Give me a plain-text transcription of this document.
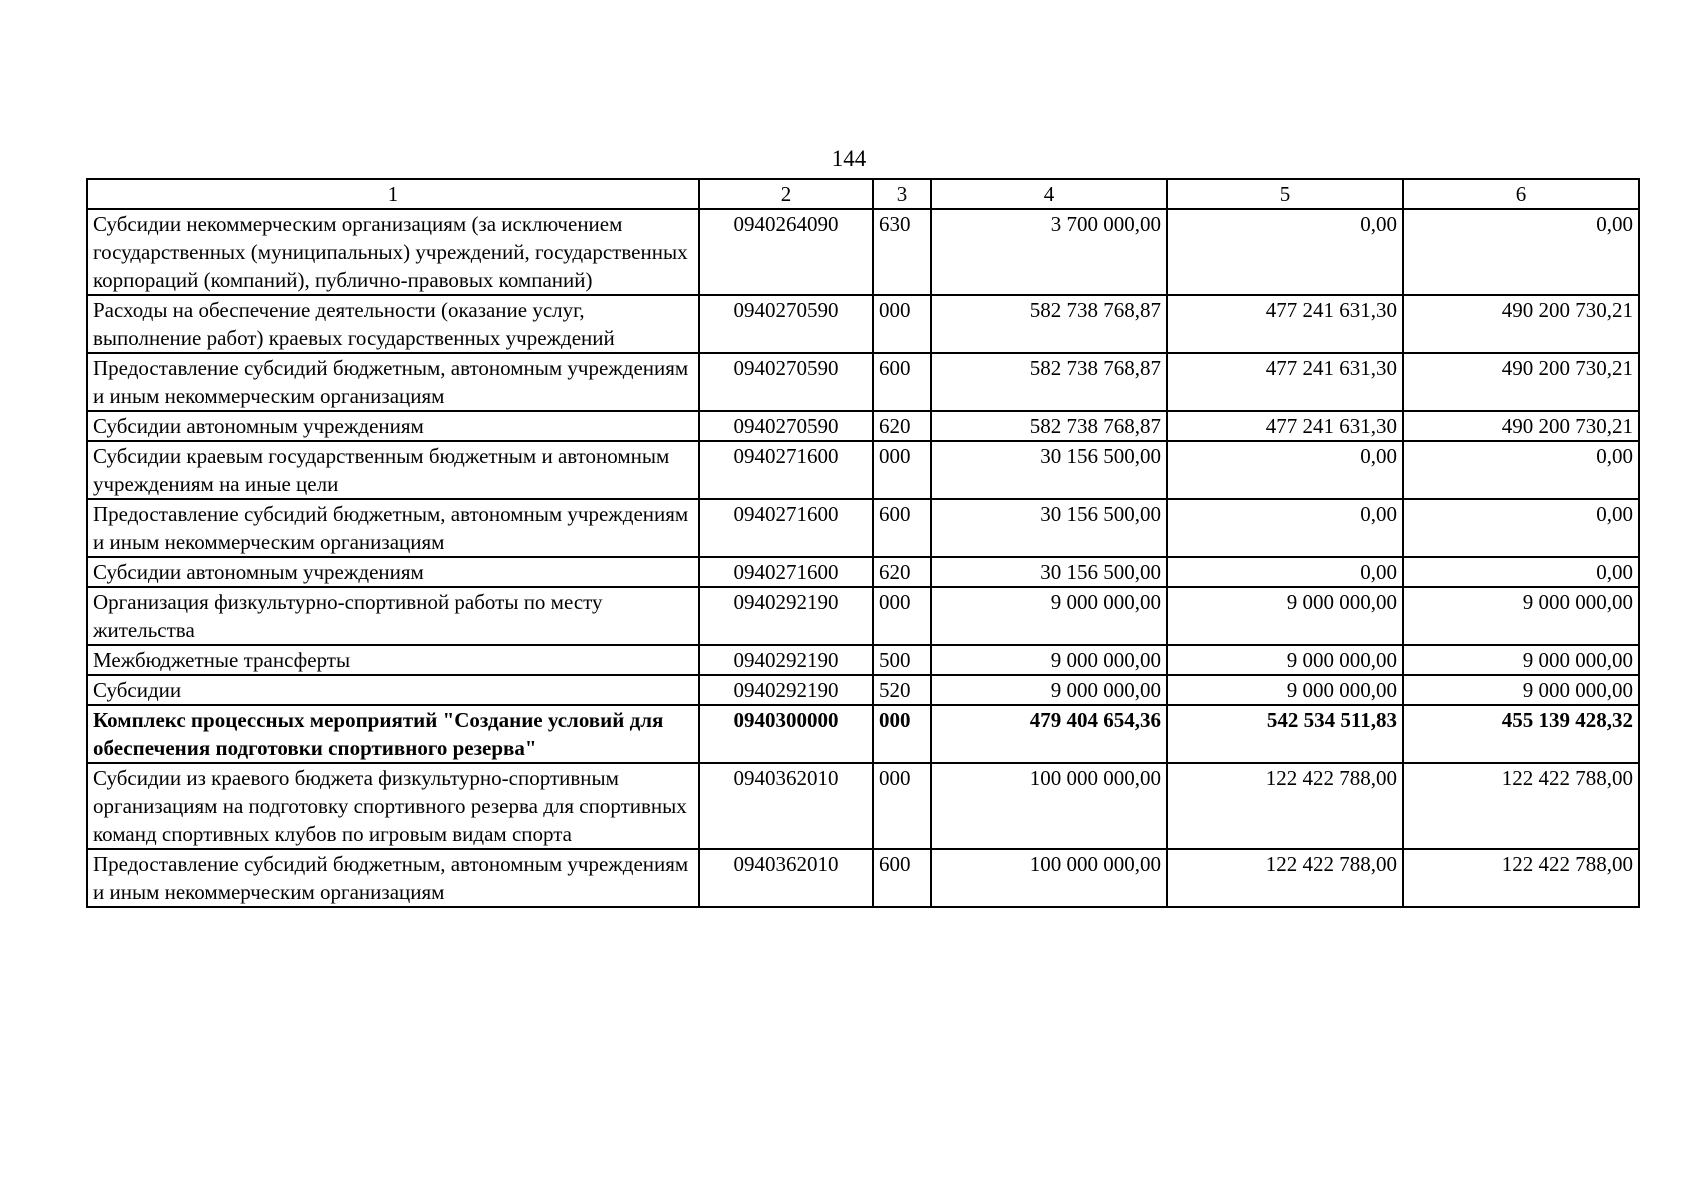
144
1	2	3	4	5	6
Субсидии некоммерческим организациям (за исключением государственных (муниципальных) учреждений, государственных корпораций (компаний), публично-правовых компаний)	0940264090	630	3 700 000,00	0,00	0,00
Расходы на обеспечение деятельности (оказание услуг, выполнение работ) краевых государственных учреждений	0940270590	000	582 738 768,87	477 241 631,30	490 200 730,21
Предоставление субсидий бюджетным, автономным учреждениям и иным некоммерческим организациям	0940270590	600	582 738 768,87	477 241 631,30	490 200 730,21
Субсидии автономным учреждениям	0940270590	620	582 738 768,87	477 241 631,30	490 200 730,21
Субсидии краевым государственным бюджетным и автономным учреждениям на иные цели	0940271600	000	30 156 500,00	0,00	0,00
Предоставление субсидий бюджетным, автономным учреждениям и иным некоммерческим организациям	0940271600	600	30 156 500,00	0,00	0,00
Субсидии автономным учреждениям	0940271600	620	30 156 500,00	0,00	0,00
Организация физкультурно-спортивной работы по месту жительства	0940292190	000	9 000 000,00	9 000 000,00	9 000 000,00
Межбюджетные трансферты	0940292190	500	9 000 000,00	9 000 000,00	9 000 000,00
Субсидии	0940292190	520	9 000 000,00	9 000 000,00	9 000 000,00
Комплекс процессных мероприятий "Создание условий для обеспечения подготовки спортивного резерва"	0940300000	000	479 404 654,36	542 534 511,83	455 139 428,32
Субсидии из краевого бюджета физкультурно-спортивным организациям на подготовку спортивного резерва для спортивных команд спортивных клубов по игровым видам спорта	0940362010	000	100 000 000,00	122 422 788,00	122 422 788,00
Предоставление субсидий бюджетным, автономным учреждениям и иным некоммерческим организациям	0940362010	600	100 000 000,00	122 422 788,00	122 422 788,00
